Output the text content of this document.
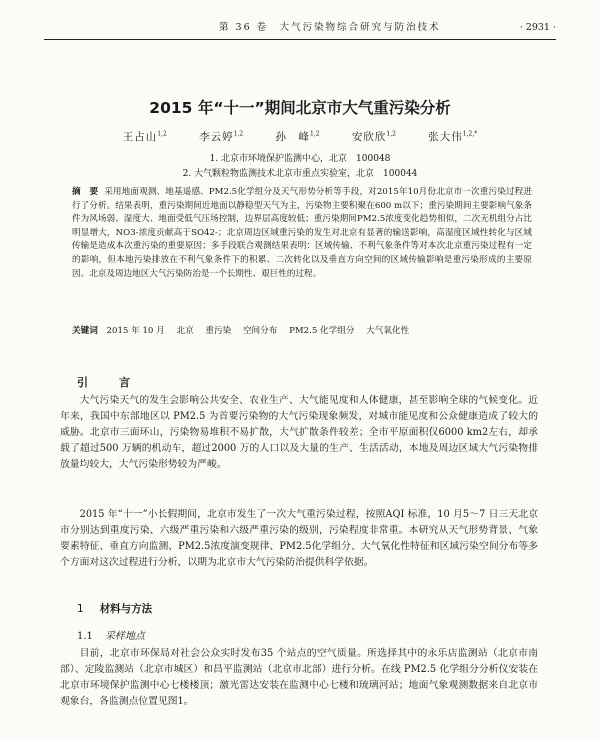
第 36 卷　大气污染物综合研究与防治技术	· 2931 ·
2015 年“十一”期间北京市大气重污染分析
王占山$^{1,2}$	李云婷$^{1,2}$	孙　峰$^{1,2}$	安欣欣$^{1,2}$	张大伟$^{1,2,*}$
1. 北京市环境保护监测中心，北京　100048
2. 大气颗粒物监测技术北京市重点实验室，北京　100044
摘　要 采用地面观测、地基遥感、PM2.5化学组分及天气形势分析等手段，对2015年10月份北京市一次重污染过程进行了分析。结果表明，重污染期间近地面以静稳型天气为主，污染物主要积聚在600 m以下；重污染期间主要影响气象条件为风场弱、湿度大、地面受低气压场控制，边界层高度较低；重污染期间PM2.5浓度变化趋势相似，二次无机组分占比明显增大，NO3-浓度贡献高于SO42-；北京周边区域重污染的发生对北京有显著的输送影响，高湿度区域性转化与区域传输是造成本次重污染的重要原因；多手段联合观测结果表明：区域传输、不利气象条件等对本次北京重污染过程有一定的影响，但本地污染排放在不利气象条件下的积累、二次转化以及垂直方向空间的区域传输影响是重污染形成的主要原因。北京及周边地区大气污染防治是一个长期性、艰巨性的过程。
关键词 2015 年 10 月 北京 重污染 空间分布 PM2.5 化学组分 大气氧化性
引　言
大气污染天气的发生会影响公共安全、农业生产、大气能见度和人体健康，甚至影响全球的气候变化。近年来，我国中东部地区以 PM2.5 为首要污染物的大气污染现象频发，对城市能见度和公众健康造成了较大的威胁。北京市三面环山，污染物易堆积不易扩散，大气扩散条件较差；全市平原面积仅6000 km2左右，却承载了超过500 万辆的机动车，超过2000 万的人口以及大量的生产、生活活动，本地及周边区域大气污染物排放量均较大，大气污染形势较为严峻。
2015 年“十一”小长假期间，北京市发生了一次大气重污染过程，按照AQI 标准，10 月5～7 日三天北京市分别达到重度污染、六级严重污染和六级严重污染的级别，污染程度非常重。本研究从天气形势背景、气象要素特征、垂直方向监测、PM2.5浓度演变规律、PM2.5化学组分、大气氧化性特征和区域污染空间分布等多个方面对这次过程进行分析，以期为北京市大气污染防治提供科学依据。
1 材料与方法
1.1 采样地点
目前，北京市环保局对社会公众实时发布35 个站点的空气质量。所选择其中的永乐店监测站（北京市南部）、定陵监测站（北京市城区）和昌平监测站（北京市北部）进行分析。在线 PM2.5 化学组分分析仪安装在北京市环境保护监测中心七楼楼顶；激光雷达安装在监测中心七楼和琉璃河站；地面气象观测数据来自北京市观象台，各监测点位置见图1。
